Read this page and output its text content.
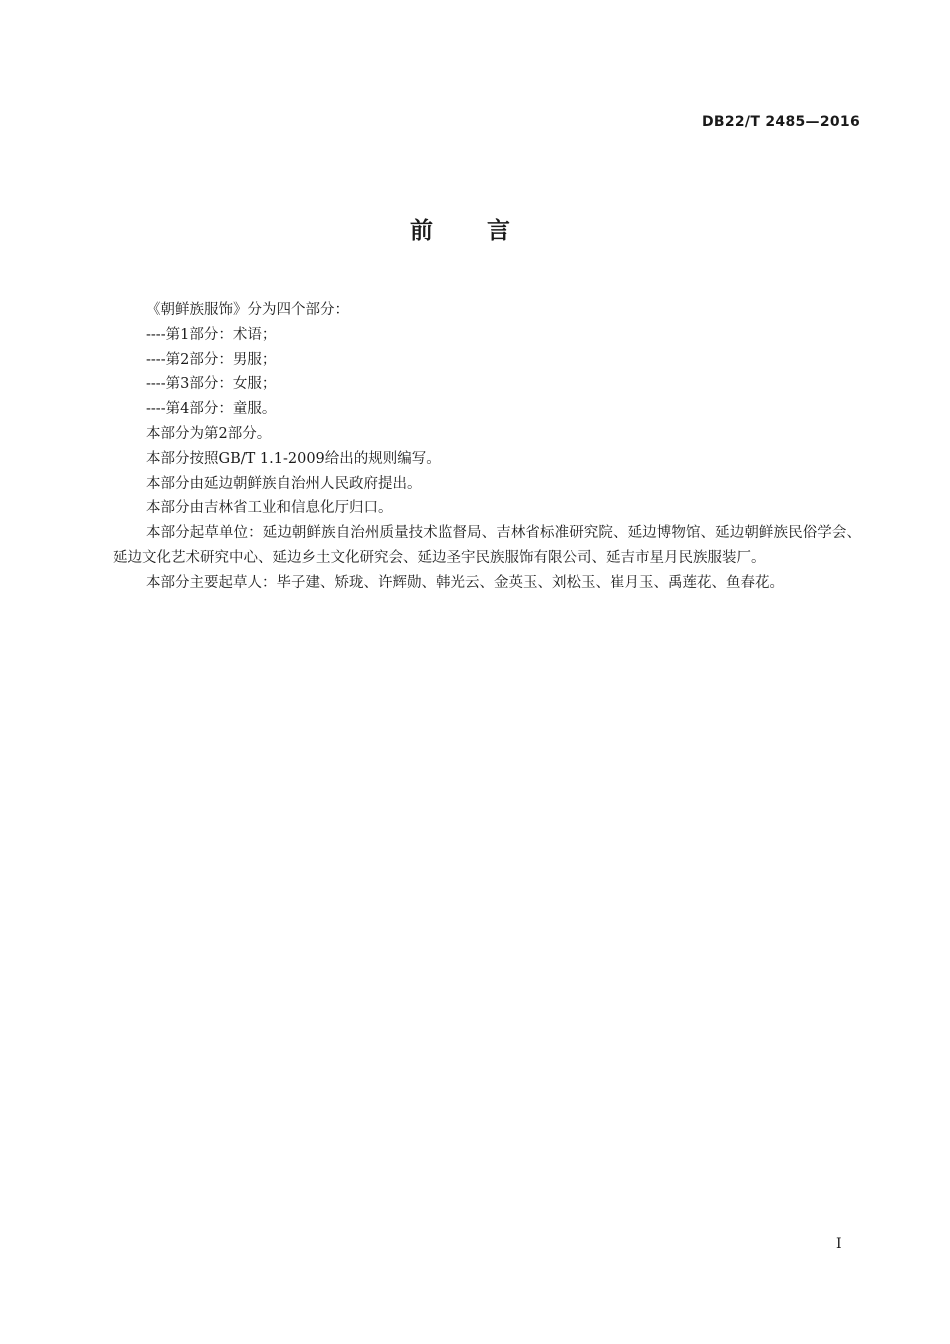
DB22/T 2485—2016
前言

《朝鲜族服饰》分为四个部分：

----第1部分：术语；

----第2部分：男服；

----第3部分：女服；

----第4部分：童服。

本部分为第2部分。

本部分按照GB/T 1.1-2009给出的规则编写。

本部分由延边朝鲜族自治州人民政府提出。

本部分由吉林省工业和信息化厅归口。

本部分起草单位：延边朝鲜族自治州质量技术监督局、吉林省标准研究院、延边博物馆、延边朝鲜族民俗学会、延边文化艺术研究中心、延边乡土文化研究会、延边圣宇民族服饰有限公司、延吉市星月民族服装厂。

本部分主要起草人：毕子建、矫珑、许辉勋、韩光云、金英玉、刘松玉、崔月玉、禹莲花、鱼春花。

I
